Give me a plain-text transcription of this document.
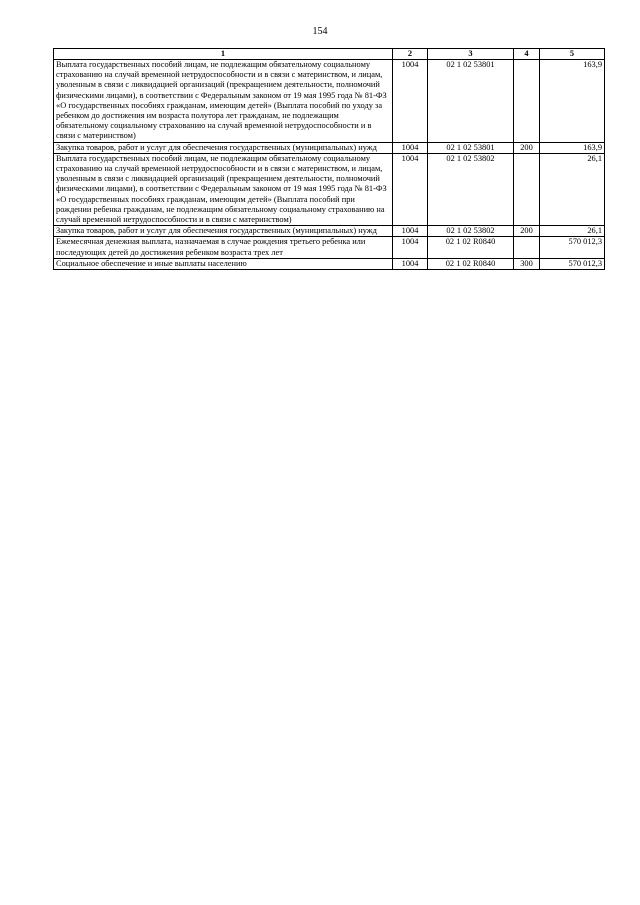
154
1	2	3	4	5
Выплата государственных пособий лицам, не подлежащим обязательному социальному страхованию на случай временной нетрудоспособности и в связи с материнством, и лицам, уволенным в связи с ликвидацией организаций (прекращением деятельности, полномочий физическими лицами), в соответствии с Федеральным законом от 19 мая 1995 года № 81-ФЗ «О государственных пособиях гражданам, имеющим детей» (Выплата пособий по уходу за ребенком до достижения им возраста полутора лет гражданам, не подлежащим обязательному социальному страхованию на случай временной нетрудоспособности и в связи с материнством)	1004	02 1 02 53801		163,9
Закупка товаров, работ и услуг для обеспечения государственных (муниципальных) нужд	1004	02 1 02 53801	200	163,9
Выплата государственных пособий лицам, не подлежащим обязательному социальному страхованию на случай временной нетрудоспособности и в связи с материнством, и лицам, уволенным в связи с ликвидацией организаций (прекращением деятельности, полномочий физическими лицами), в соответствии с Федеральным законом от 19 мая 1995 года № 81-ФЗ «О государственных пособиях гражданам, имеющим детей» (Выплата пособий при рождении ребенка гражданам, не подлежащим обязательному социальному страхованию на случай временной нетрудоспособности и в связи с материнством)	1004	02 1 02 53802		26,1
Закупка товаров, работ и услуг для обеспечения государственных (муниципальных) нужд	1004	02 1 02 53802	200	26,1
Ежемесячная денежная выплата, назначаемая в случае рождения третьего ребенка или последующих детей до достижения ребенком возраста трех лет	1004	02 1 02 R0840		570 012,3
Социальное обеспечение и иные выплаты населению	1004	02 1 02 R0840	300	570 012,3
